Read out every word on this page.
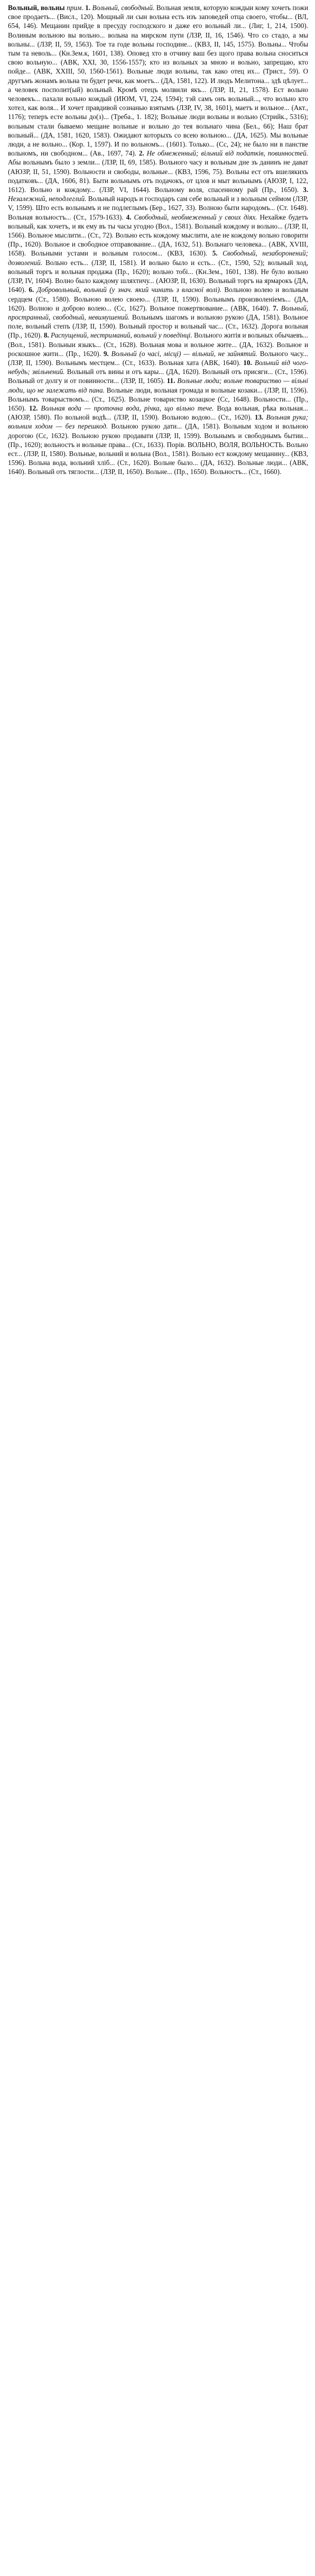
Вольный, вольны прим. 1. Вольный, свободный. Вольная земля, которую кождыи кому хочеть пожи свое продаеть... (Висл., 120). Мощный ли сын вольна есть изъ заповедей отца своего, чтобы... (ВЛ, 654, 146). Мещанин прийде в пресуду господского и даже его вольный ли... (Лиг, 1, 214, 1500). Волиным вольною вы вольно... вольна на мирском пути (ЛЗР, II, 16, 1546). Что со стадо, а мы вольны... (ЛЗР, II, 59, 1563). Тое та годе вольны господине... (КВЗ, II, 145, 1575). Вольны... Чтобы тым та неволь... (Кн.Зем.к, 1601, 138). Оповед хто в отчину ваш без щого права вольна сноситься свою вольную... (АВК, XXI, 30, 1556-1557); кто из вольных за мною и вольно, запрещаю, кто пойде... (АВК, XXIII, 50, 1560-1561). Вольные люди вольны, так како отец их... (Трист., 59). О другъмъ жонамъ вольна ти будет речи, как моетъ... (ДА, 1581, 122). И людъ Мелитона... здѣ цѣлует... а человек посполит(ый) вольный. Кромѣ отецъ молвили якъ... (ЛЗР, II, 21, 1578). Ест вольно человекъ... пахали вольно кождый (ИЮМ, VI, 224, 1594); тэй самъ онъ вольный..., что вольно кто хотел, как воля... И хочет правдивой сознанью взятымъ (ЛЗР, IV, 38, 1601), маетъ и вольное... (Акт., 1176); теперъ есте вольны до(з)... (Треба., 1. 182); Вольные люди вольны и вольно (Стрийк., 5316); вольным стали бываемо мещане вольные и вольно до тея вольнаго чина (Бел., 66); Наш брат вольный... (ДА, 1581, 1620, 1583). Ожидают которыхъ со всею вольною... (ДА, 1625). Мы вольные люди, а не вольно... (Кор. 1, 1597). И по вольномъ... (1601). Только... (Сс, 24); не было ни в панстве вольномъ, ни свободном... (Ав., 1697, 74). 2. Не обмеженный; вільний від податків, повинностей. Абы вольнымъ было з земли... (ЛЗР, II, 69, 1585). Вольного часу и вольным дне зъ данинъ не дават (АЮЗР, II, 51, 1590). Вольности и свободы, вольные... (КВЗ, 1596, 75). Вольны ест отъ вшелякихъ податковъ... (ДА, 1606, 81). Быти вольнымъ отъ подачокъ, от цлов и мыт вольнымъ (АЮЗР, I, 122, 1612). Вольно и кождому... (ЛЗР, VI, 1644). Вольному воля, спасенному рай (Пр., 1650). 3. Незалежний, неподлеглий. Вольный народъ и господаръ сам себе вольный и з вольным сеймом (ЛЗР, V, 1599). Што есть вольнымъ и не подлеглымъ (Бер., 1627, 33). Волною быти народомъ... (Ст. 1648). Вольная вольностъ... (Ст., 1579-1633). 4. Свободный, необмеженный у своих діях. Нехайже будетъ вольный, как хочетъ, и як ему въ ты часы угодно (Вол., 1581). Вольный кождому и вольно... (ЛЗР, II, 1566). Вольное мыслити... (Ст., 72). Вольно есть кождому мыслити, але не кождому вольно говорити (Пр., 1620). Вольное и свободное отправование... (ДА, 1632, 51). Вольнаго человека... (АВК, XVIII, 1658). Вольными устами и вольным голосом... (КВЗ, 1630). 5. Свободный, незаборонений; дозволений. Вольно есть... (ЛЗР, II, 1581). И вольно было и єсть... (Ст., 1590, 52); вольный ход, вольный торгъ и вольная продажа (Пр., 1620); вольно тобі... (Кн.Зем., 1601, 138). Не було вольно (ЛЗР, IV, 1604). Волно было каждому шляхтичу... (АЮЗР, II, 1630). Вольный торгъ на ярмарокъ (ДА, 1640). 6. Добровольный, вольний (у знач. який чинить з власної волі). Вольною волею и вольным сердцем (Ст., 1580). Вольною волею своею... (ЛЗР, II, 1590). Вольнымъ произволеніемъ... (ДА, 1620). Волною и доброю волею... (Сс, 1627). Вольное пожертвование... (АВК, 1640). 7. Вольный, пространный, свободный, невимушений. Вольнымъ шагомъ и вольною рукою (ДА, 1581). Вольное поле, вольный степъ (ЛЗР, II, 1590). Вольный простор и вольный час... (Ст., 1632). Дорога вольная (Пр., 1620). 8. Распущений, нестриманий, вольний у поведінці. Вольного житія и вольных обычаевъ... (Вол., 1581). Вольныи языкъ... (Ст., 1628). Вольная мова и вольное жите... (ДА, 1632). Вольное и роскошное жити... (Пр., 1620). 9. Вольный (о часі, місці) — вільний, не зайнятий. Вольного часу... (ЛЗР, II, 1590). Вольнымъ местцем... (Ст., 1633). Вольная хата (АВК, 1640). 10. Вольний від чого-небудь; звільнений. Вольный отъ вины и отъ кары... (ДА, 1620). Вольный отъ присяги... (Ст., 1596). Вольный от долгу и от повинности... (ЛЗР, II, 1605). 11. Вольные люди; вольне товариство — вільні люди, що не залежать від пана. Вольные люди, вольная громада и вольные козаки... (ЛЗР, II, 1596). Вольнымъ товарыствомъ... (Ст., 1625). Вольне товариство козацкое (Сс, 1648). Вольности... (Пр., 1650). 12. Вольная вода — проточна вода, річка, що вільно тече. Вода вольная, рѣка вольная... (АЮЗР, 1580). По вольной водѣ... (ЛЗР, II, 1590). Вольною водою... (Ст., 1620). 13. Вольная рука; вольним ходом — без перешкод. Вольною рукою дати... (ДА, 1581). Вольным ходом и вольною дорогою (Сс, 1632). Вольною рукою продавати (ЛЗР, II, 1599). Вольнымъ и свободнымъ бытии... (Пр., 1620); вольностъ и вольные права... (Ст., 1633). Порів. ВОЛЬНО, ВОЛЯ, ВОЛЬНОСТЬ. Вольно ест... (ЛЗР, II, 1580). Вольные, вольний и вольна (Вол., 1581). Вольно ест кождому мещанину... (КВЗ, 1596). Вольна вода, вольний хліб... (Ст., 1620). Вольне было... (ДА, 1632). Вольные люди... (АВК, 1640). Вольный отъ тяглости... (ЛЗР, II, 1650). Вольне... (Пр., 1650). Вольностъ... (Ст., 1660).
